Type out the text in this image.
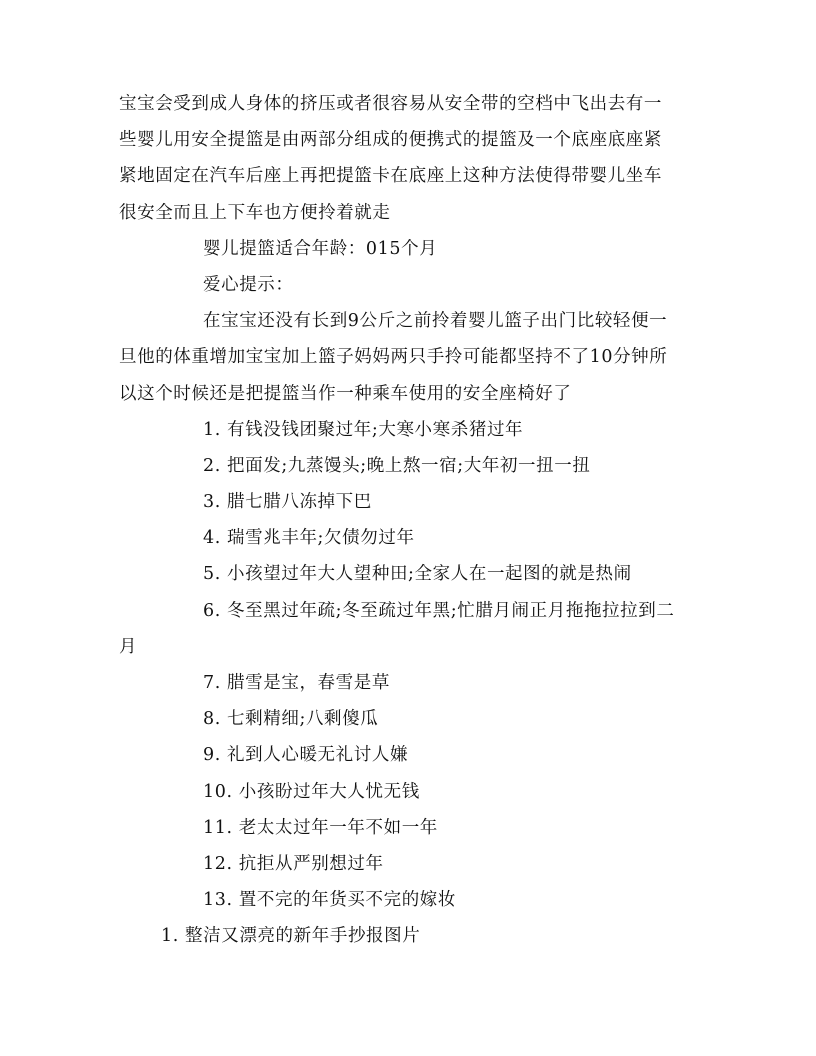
宝宝会受到成人身体的挤压或者很容易从安全带的空档中飞出去有一
些婴儿用安全提篮是由两部分组成的便携式的提篮及一个底座底座紧
紧地固定在汽车后座上再把提篮卡在底座上这种方法使得带婴儿坐车
很安全而且上下车也方便拎着就走
婴儿提篮适合年龄：015个月
爱心提示：
在宝宝还没有长到9公斤之前拎着婴儿篮子出门比较轻便一
旦他的体重增加宝宝加上篮子妈妈两只手拎可能都坚持不了10分钟所
以这个时候还是把提篮当作一种乘车使用的安全座椅好了
1. 有钱没钱团聚过年;大寒小寒杀猪过年
2. 把面发;九蒸馒头;晚上熬一宿;大年初一扭一扭
3. 腊七腊八冻掉下巴
4. 瑞雪兆丰年;欠债勿过年
5. 小孩望过年大人望种田;全家人在一起图的就是热闹
6. 冬至黑过年疏;冬至疏过年黑;忙腊月闹正月拖拖拉拉到二
月
7. 腊雪是宝，春雪是草
8. 七剩精细;八剩傻瓜
9. 礼到人心暖无礼讨人嫌
10. 小孩盼过年大人忧无钱
11. 老太太过年一年不如一年
12. 抗拒从严别想过年
13. 置不完的年货买不完的嫁妆
1. 整洁又漂亮的新年手抄报图片
